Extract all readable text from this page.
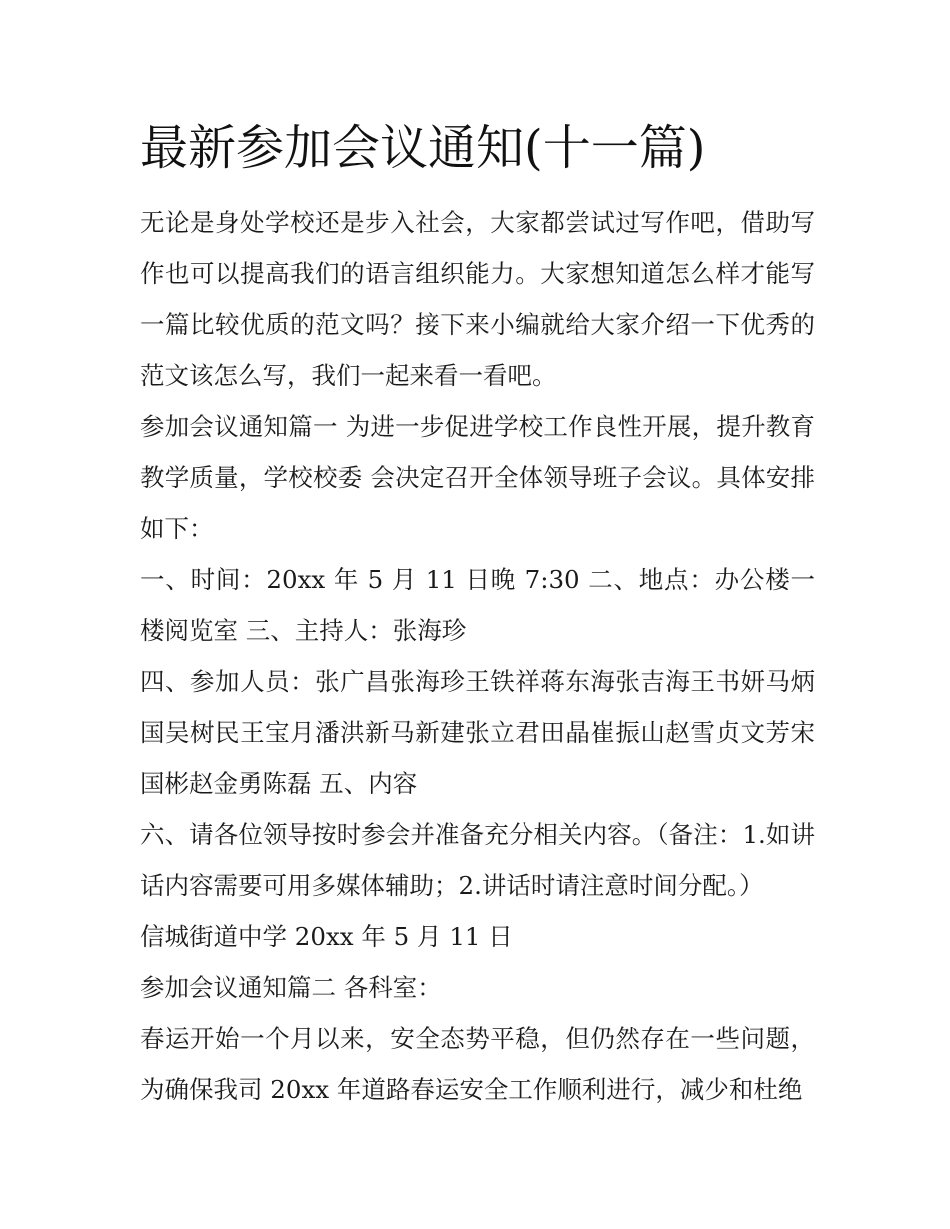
最新参加会议通知(十一篇)

无论是身处学校还是步入社会，大家都尝试过写作吧，借助写作也可以提高我们的语言组织能力。大家想知道怎么样才能写一篇比较优质的范文吗？接下来小编就给大家介绍一下优秀的范文该怎么写，我们一起来看一看吧。

参加会议通知篇一 为进一步促进学校工作良性开展，提升教育教学质量，学校校委 会决定召开全体领导班子会议。具体安排如下：

一、时间：20xx 年 5 月 11 日晚 7:30 二、地点：办公楼一楼阅览室 三、主持人：张海珍

四、参加人员：张广昌张海珍王铁祥蒋东海张吉海王书妍马炳国吴树民王宝月潘洪新马新建张立君田晶崔振山赵雪贞文芳宋国彬赵金勇陈磊 五、内容

六、请各位领导按时参会并准备充分相关内容。（备注：1.如讲话内容需要可用多媒体辅助；2.讲话时请注意时间分配。）

信城街道中学 20xx 年 5 月 11 日

参加会议通知篇二 各科室：

春运开始一个月以来，安全态势平稳，但仍然存在一些问题，为确保我司 20xx 年道路春运安全工作顺利进行，减少和杜绝
